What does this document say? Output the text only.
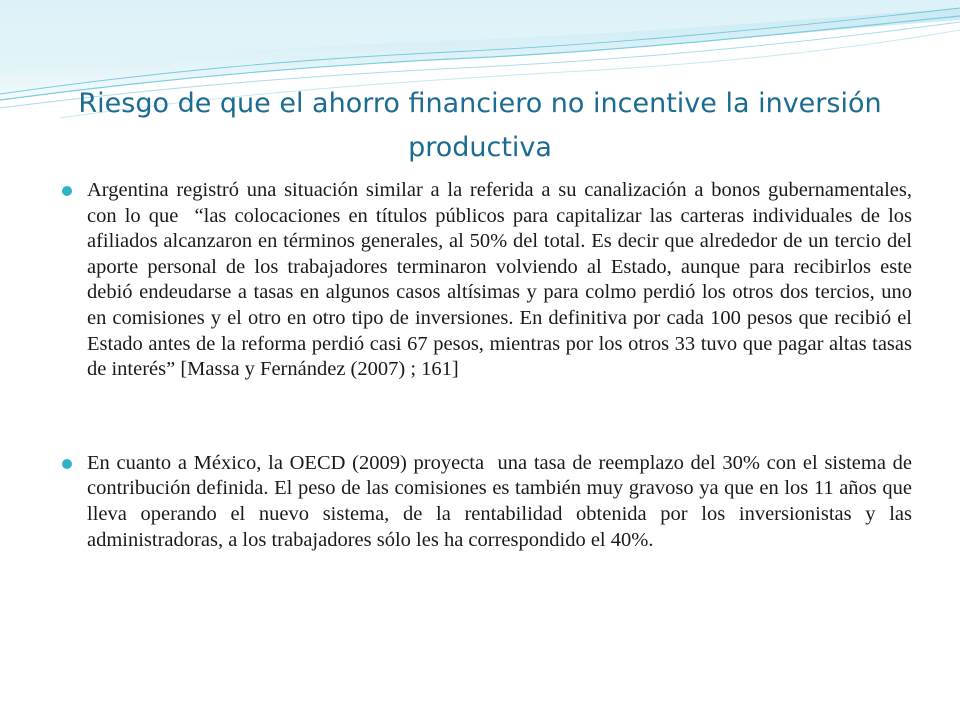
Riesgo de que el ahorro financiero no incentive la inversión productiva

Argentina registró una situación similar a la referida a su canalización a bonos gubernamentales, con lo que  “las colocaciones en títulos públicos para capitalizar las carteras individuales de los afiliados alcanzaron en términos generales, al 50% del total. Es decir que alrededor de un tercio del aporte personal de los trabajadores terminaron volviendo al Estado, aunque para recibirlos este debió endeudarse a tasas en algunos casos altísimas y para colmo perdió los otros dos tercios, uno en comisiones y el otro en otro tipo de inversiones. En definitiva por cada 100 pesos que recibió el Estado antes de la reforma perdió casi 67 pesos, mientras por los otros 33 tuvo que pagar altas tasas de interés” [Massa y Fernández (2007) ; 161]

En cuanto a México, la OECD (2009) proyecta  una tasa de reemplazo del 30% con el sistema de contribución definida. El peso de las comisiones es también muy gravoso ya que en los 11 años que lleva operando el nuevo sistema, de la rentabilidad obtenida por los inversionistas y las administradoras, a los trabajadores sólo les ha correspondido el 40%.
